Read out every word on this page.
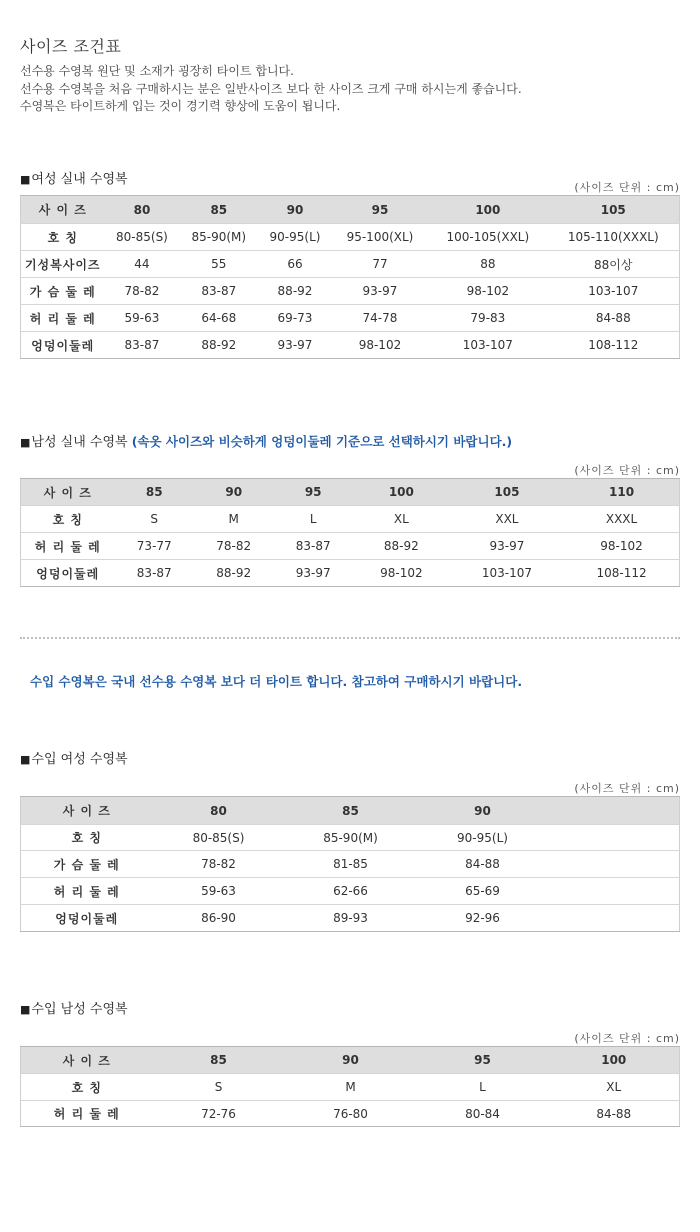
사이즈 조건표
선수용 수영복 원단 및 소재가 굉장히 타이트 합니다.
선수용 수영복을 처음 구매하시는 분은 일반사이즈 보다 한 사이즈 크게 구매 하시는게 좋습니다.
수영복은 타이트하게 입는 것이 경기력 향상에 도움이 됩니다.
■여성 실내 수영복
(사이즈 단위 : cm)
사 이 즈	80	85	90	95	100	105
호 칭	80-85(S)	85-90(M)	90-95(L)	95-100(XL)	100-105(XXL)	105-110(XXXL)
기성복사이즈	44	55	66	77	88	88이상
가 슴 둘 레	78-82	83-87	88-92	93-97	98-102	103-107
허 리 둘 레	59-63	64-68	69-73	74-78	79-83	84-88
엉덩이둘레	83-87	88-92	93-97	98-102	103-107	108-112
■남성 실내 수영복 (속옷 사이즈와 비슷하게 엉덩이둘레 기준으로 선택하시기 바랍니다.)
(사이즈 단위 : cm)
사 이 즈	85	90	95	100	105	110
호 칭	S	M	L	XL	XXL	XXXL
허 리 둘 레	73-77	78-82	83-87	88-92	93-97	98-102
엉덩이둘레	83-87	88-92	93-97	98-102	103-107	108-112
수입 수영복은 국내 선수용 수영복 보다 더 타이트 합니다. 참고하여 구매하시기 바랍니다.
■수입 여성 수영복
(사이즈 단위 : cm)
사 이 즈	80	85	90	
호 칭	80-85(S)	85-90(M)	90-95(L)	
가 슴 둘 레	78-82	81-85	84-88	
허 리 둘 레	59-63	62-66	65-69	
엉덩이둘레	86-90	89-93	92-96	
■수입 남성 수영복
(사이즈 단위 : cm)
사 이 즈	85	90	95	100
호 칭	S	M	L	XL
허 리 둘 레	72-76	76-80	80-84	84-88
